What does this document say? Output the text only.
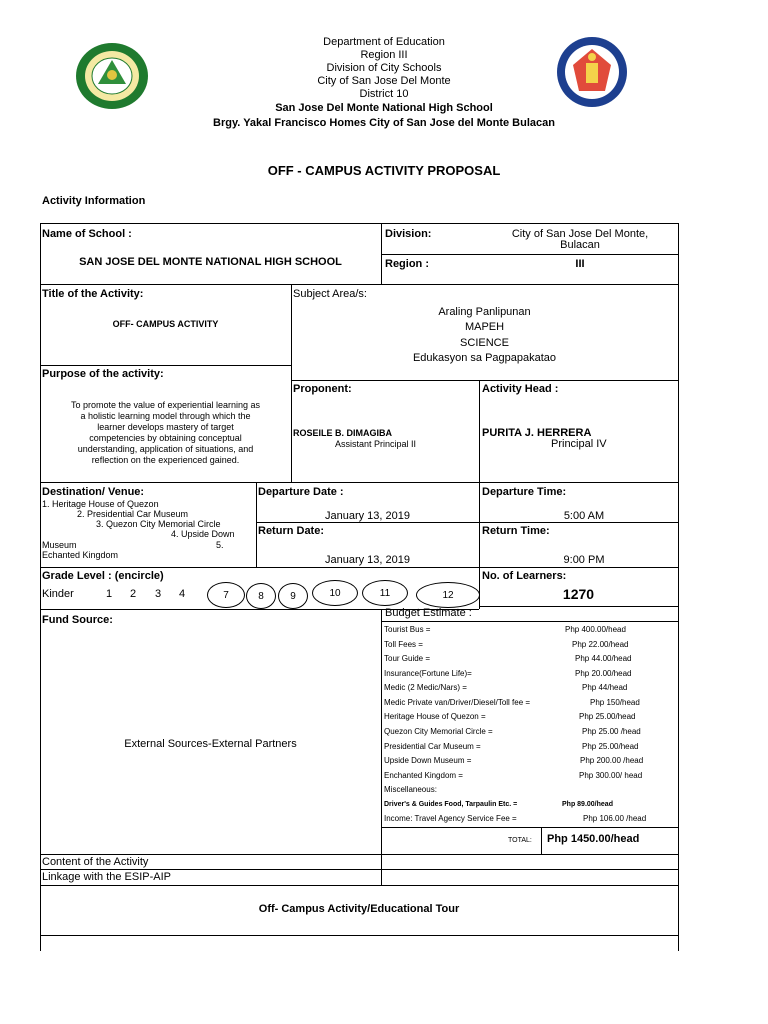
Department of Education
Region III
Division of City Schools
City of San Jose Del Monte
District 10
San Jose Del Monte National High School
Brgy. Yakal Francisco Homes City of San Jose del Monte Bulacan
OFF - CAMPUS ACTIVITY PROPOSAL
Activity Information
Name of School :
SAN JOSE DEL MONTE NATIONAL HIGH SCHOOL
Division:	City of San Jose Del Monte,
Bulacan
Region :	III
Title of the Activity:
OFF- CAMPUS ACTIVITY
Subject Area/s:
Araling Panlipunan
MAPEH
SCIENCE
Edukasyon sa Pagpapakatao
Purpose of the activity:
To promote the value of experiential learning as
a holistic learning model through which the
learner develops mastery of target
competencies by obtaining conceptual
understanding, application of situations, and
reflection on the experienced gained.
Proponent:
ROSEILE B. DIMAGIBA
Assistant Principal II
Activity Head :
PURITA J. HERRERA
Principal IV
Destination/ Venue:
1. Heritage House of Quezon
2. Presidential Car Museum
3. Quezon City Memorial Circle
4. Upside Down
Museum	5.
Echanted Kingdom
Departure Date :
January 13, 2019
Departure Time:
5:00 AM
Return Date:
January 13, 2019
Return Time:
9:00 PM
Grade Level : (encircle)
Kinder	1 2 3 4	7	8	9	10	11	12
No. of Learners:
1270
Fund Source:
External Sources-External Partners
Budget Estimate :
Tourist Bus =	Php 400.00/head
Toll Fees =	Php 22.00/head
Tour Guide =	Php 44.00/head
Insurance(Fortune Life)=	Php 20.00/head
Medic (2 Medic/Nars) =	Php 44/head
Medic Private van/Driver/Diesel/Toll fee =	Php 150/head
Heritage House of Quezon =	Php 25.00/head
Quezon City Memorial Circle =	Php 25.00 /head
Presidential Car Museum =	Php 25.00/head
Upside Down Museum =	Php 200.00 /head
Enchanted Kingdom =	Php 300.00/ head
Miscellaneous:
Driver's & Guides Food, Tarpaulin Etc. =	Php 89.00/head
Income: Travel Agency Service Fee =	Php 106.00 /head
TOTAL: Php 1450.00/head
Content of the Activity
Linkage with the ESIP-AIP
Off- Campus Activity/Educational Tour
